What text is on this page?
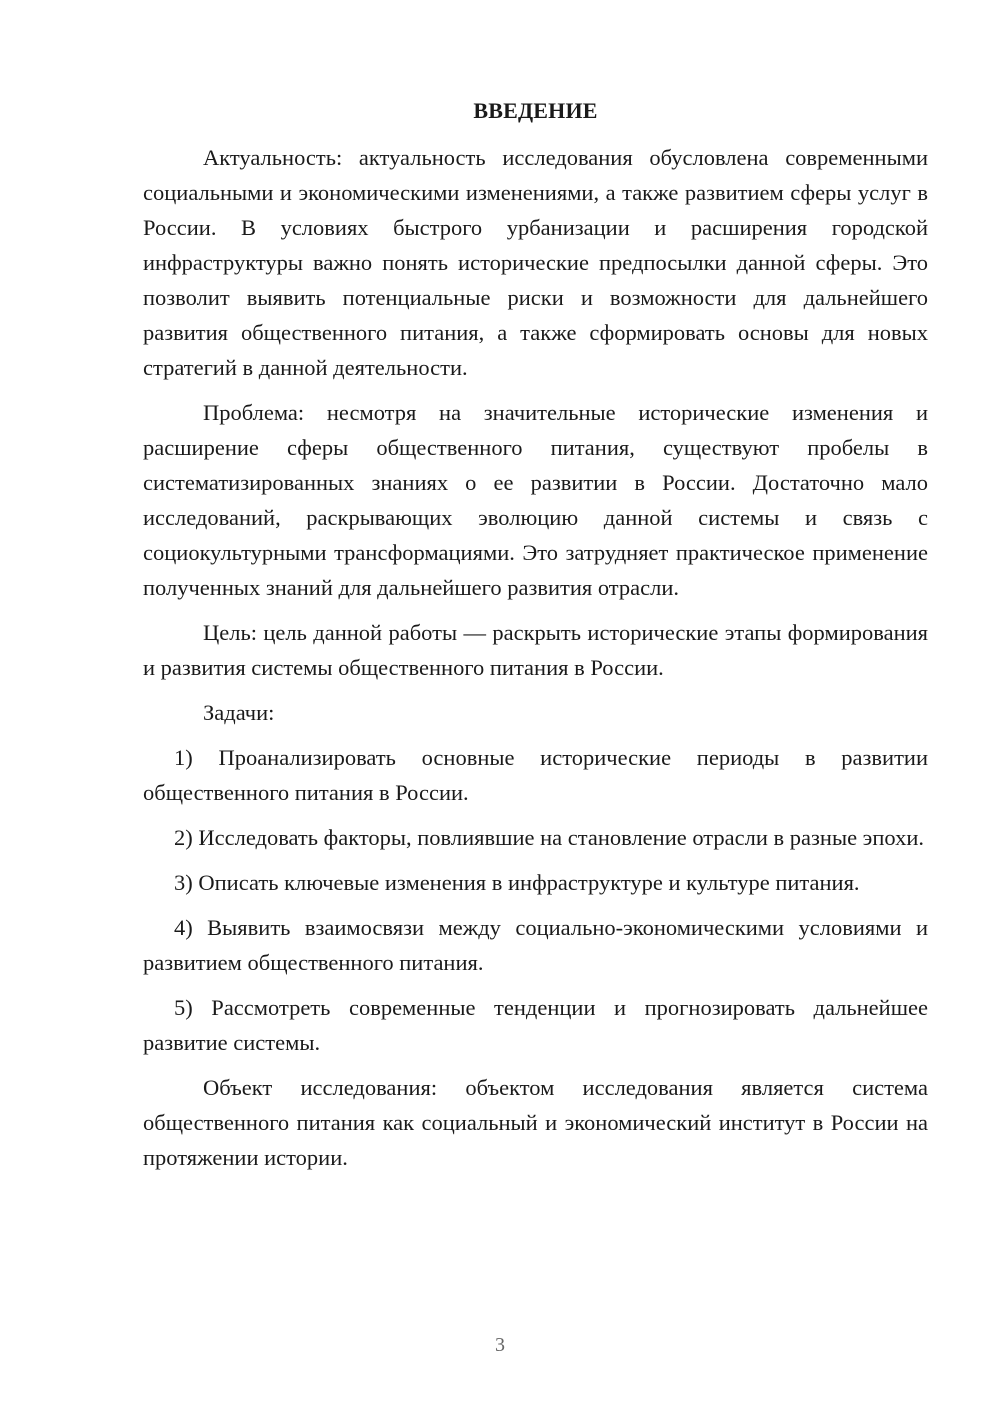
ВВЕДЕНИЕ

Актуальность: актуальность исследования обусловлена современными социальными и экономическими изменениями, а также развитием сферы услуг в России. В условиях быстрого урбанизации и расширения городской инфраструктуры важно понять исторические предпосылки данной сферы. Это позволит выявить потенциальные риски и возможности для дальнейшего развития общественного питания, а также сформировать основы для новых стратегий в данной деятельности.

Проблема: несмотря на значительные исторические изменения и расширение сферы общественного питания, существуют пробелы в систематизированных знаниях о ее развитии в России. Достаточно мало исследований, раскрывающих эволюцию данной системы и связь с социокультурными трансформациями. Это затрудняет практическое применение полученных знаний для дальнейшего развития отрасли.

Цель: цель данной работы — раскрыть исторические этапы формирования и развития системы общественного питания в России.

Задачи:

1) Проанализировать основные исторические периоды в развитии общественного питания в России.

2) Исследовать факторы, повлиявшие на становление отрасли в разные эпохи.

3) Описать ключевые изменения в инфраструктуре и культуре питания.

4) Выявить взаимосвязи между социально-экономическими условиями и развитием общественного питания.

5) Рассмотреть современные тенденции и прогнозировать дальнейшее развитие системы.

Объект исследования: объектом исследования является система общественного питания как социальный и экономический институт в России на протяжении истории.

3
